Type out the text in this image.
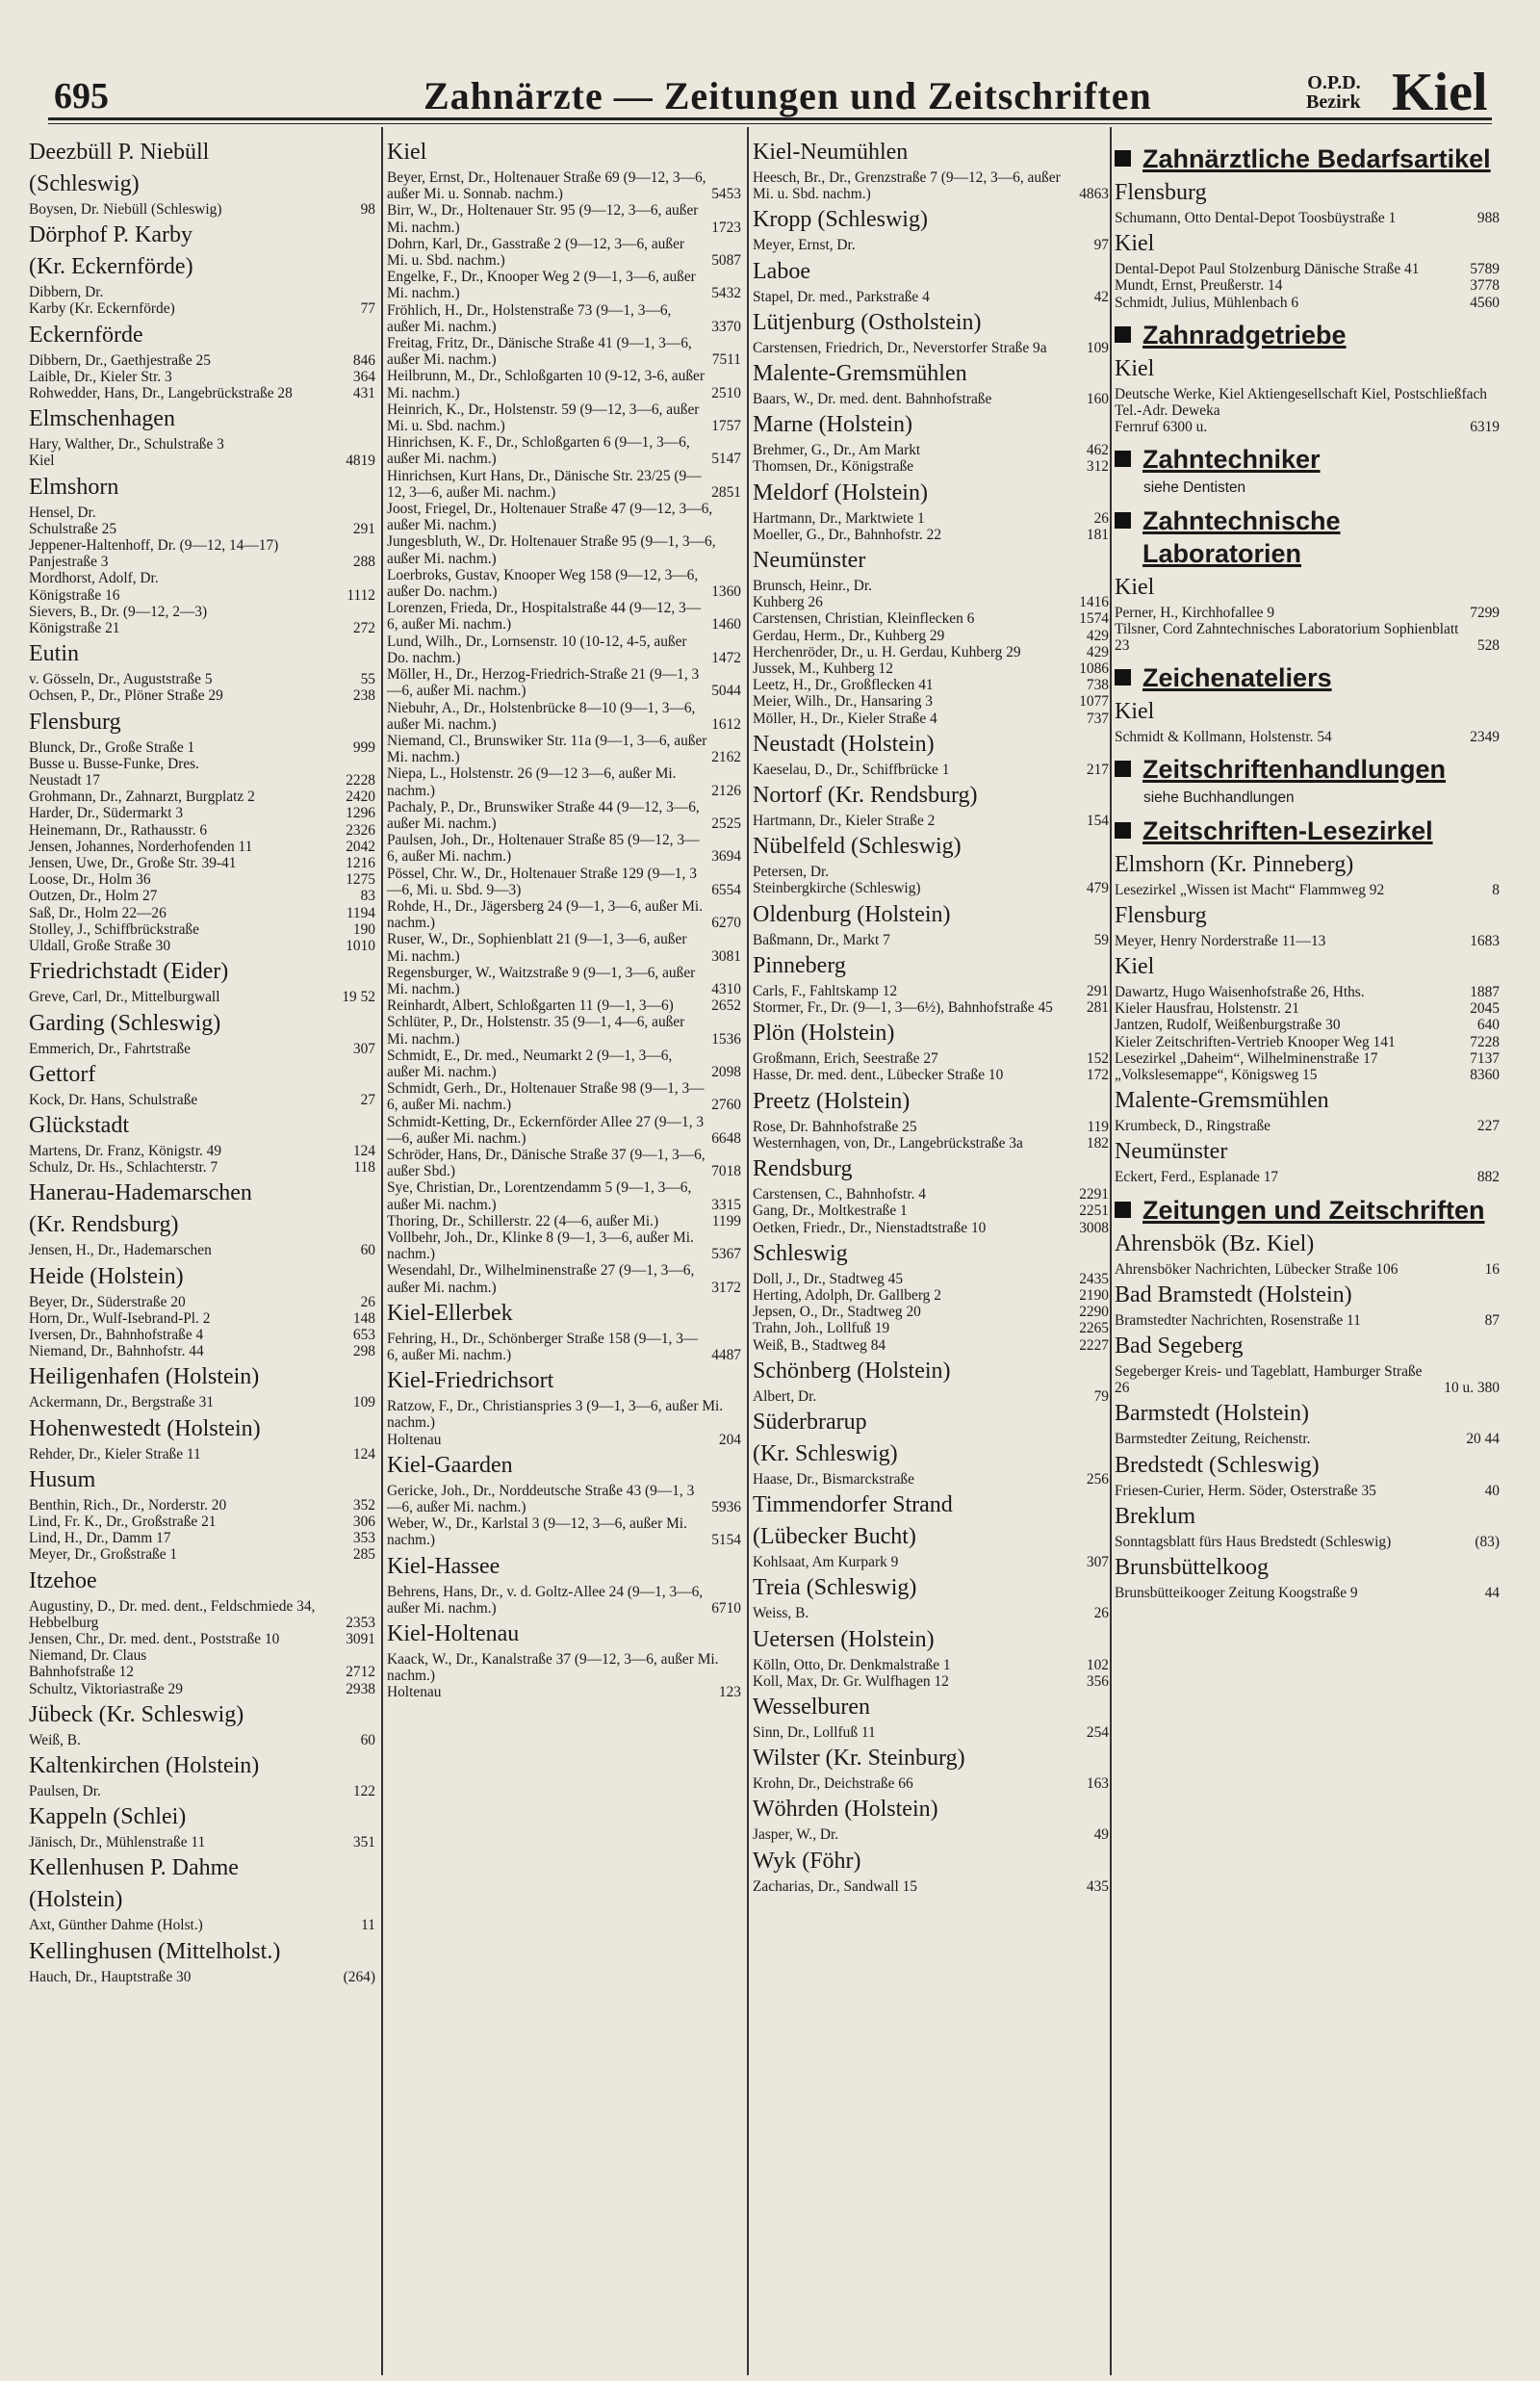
695	Zahnärzte — Zeitungen und Zeitschriften	O.P.D.
Bezirk Kiel
Deezbüll P. Niebüll
(Schleswig)
Boysen, Dr. Niebüll (Schleswig)	98
Dörphof P. Karby
(Kr. Eckernförde)
Dibbern, Dr.
Karby (Kr. Eckernförde)	77
Eckernförde
Dibbern, Dr., Gaethjestraße 25	846
Laible, Dr., Kieler Str. 3	364
Rohwedder, Hans, Dr., Langebrückstraße 28	431
Elmschenhagen
Hary, Walther, Dr., Schulstraße 3
Kiel	4819
Elmshorn
Hensel, Dr.
Schulstraße 25	291
Jeppener-Haltenhoff, Dr. (9—12, 14—17)
Panjestraße 3	288
Mordhorst, Adolf, Dr.
Königstraße 16	1112
Sievers, B., Dr. (9—12, 2—3)
Königstraße 21	272
Eutin
v. Gösseln, Dr., Auguststraße 5	55
Ochsen, P., Dr., Plöner Straße 29	238
Flensburg
Blunck, Dr., Große Straße 1	999
Busse u. Busse-Funke, Dres.
Neustadt 17	2228
Grohmann, Dr., Zahnarzt, Burgplatz 2	2420
Harder, Dr., Südermarkt 3	1296
Heinemann, Dr., Rathausstr. 6	2326
Jensen, Johannes, Norderhofenden 11	2042
Jensen, Uwe, Dr., Große Str. 39-41	1216
Loose, Dr., Holm 36	1275
Outzen, Dr., Holm 27	83
Saß, Dr., Holm 22—26	1194
Stolley, J., Schiffbrückstraße	190
Uldall, Große Straße 30	1010
Friedrichstadt (Eider)
Greve, Carl, Dr., Mittelburgwall	19 52
Garding (Schleswig)
Emmerich, Dr., Fahrtstraße	307
Gettorf
Kock, Dr. Hans, Schulstraße	27
Glückstadt
Martens, Dr. Franz, Königstr. 49	124
Schulz, Dr. Hs., Schlachterstr. 7	118
Hanerau-Hademarschen
(Kr. Rendsburg)
Jensen, H., Dr., Hademarschen	60
Heide (Holstein)
Beyer, Dr., Süderstraße 20	26
Horn, Dr., Wulf-Isebrand-Pl. 2	148
Iversen, Dr., Bahnhofstraße 4	653
Niemand, Dr., Bahnhofstr. 44	298
Heiligenhafen (Holstein)
Ackermann, Dr., Bergstraße 31	109
Hohenwestedt (Holstein)
Rehder, Dr., Kieler Straße 11	124
Husum
Benthin, Rich., Dr., Norderstr. 20	352
Lind, Fr. K., Dr., Großstraße 21	306
Lind, H., Dr., Damm 17	353
Meyer, Dr., Großstraße 1	285
Itzehoe
Augustiny, D., Dr. med. dent., Feldschmiede 34, Hebbelburg	2353
Jensen, Chr., Dr. med. dent., Poststraße 10	3091
Niemand, Dr. Claus
Bahnhofstraße 12	2712
Schultz, Viktoriastraße 29	2938
Jübeck (Kr. Schleswig)
Weiß, B.	60
Kaltenkirchen (Holstein)
Paulsen, Dr.	122
Kappeln (Schlei)
Jänisch, Dr., Mühlenstraße 11	351
Kellenhusen P. Dahme
(Holstein)
Axt, Günther Dahme (Holst.)	11
Kellinghusen (Mittelholst.)
Hauch, Dr., Hauptstraße 30	(264)
Kiel
Beyer, Ernst, Dr., Holtenauer Straße 69 (9—12, 3—6, außer Mi. u. Sonnab. nachm.)	5453
Birr, W., Dr., Holtenauer Str. 95 (9—12, 3—6, außer Mi. nachm.)	1723
Dohrn, Karl, Dr., Gasstraße 2 (9—12, 3—6, außer Mi. u. Sbd. nachm.)	5087
Engelke, F., Dr., Knooper Weg 2 (9—1, 3—6, außer Mi. nachm.)	5432
Fröhlich, H., Dr., Holstenstraße 73 (9—1, 3—6, außer Mi. nachm.)	3370
Freitag, Fritz, Dr., Dänische Straße 41 (9—1, 3—6, außer Mi. nachm.)	7511
Heilbrunn, M., Dr., Schloßgarten 10 (9-12, 3-6, außer Mi. nachm.)	2510
Heinrich, K., Dr., Holstenstr. 59 (9—12, 3—6, außer Mi. u. Sbd. nachm.)	1757
Hinrichsen, K. F., Dr., Schloßgarten 6 (9—1, 3—6, außer Mi. nachm.)	5147
Hinrichsen, Kurt Hans, Dr., Dänische Str. 23/25 (9—12, 3—6, außer Mi. nachm.)	2851
Joost, Friegel, Dr., Holtenauer Straße 47 (9—12, 3—6, außer Mi. nachm.)
Jungesbluth, W., Dr. Holtenauer Straße 95 (9—1, 3—6, außer Mi. nachm.)
Loerbroks, Gustav, Knooper Weg 158 (9—12, 3—6, außer Do. nachm.)	1360
Lorenzen, Frieda, Dr., Hospitalstraße 44 (9—12, 3—6, außer Mi. nachm.)	1460
Lund, Wilh., Dr., Lornsenstr. 10 (10-12, 4-5, außer Do. nachm.)	1472
Möller, H., Dr., Herzog-Friedrich-Straße 21 (9—1, 3—6, außer Mi. nachm.)	5044
Niebuhr, A., Dr., Holstenbrücke 8—10 (9—1, 3—6, außer Mi. nachm.)	1612
Niemand, Cl., Brunswiker Str. 11a (9—1, 3—6, außer Mi. nachm.)	2162
Niepa, L., Holstenstr. 26 (9—12 3—6, außer Mi. nachm.)	2126
Pachaly, P., Dr., Brunswiker Straße 44 (9—12, 3—6, außer Mi. nachm.)	2525
Paulsen, Joh., Dr., Holtenauer Straße 85 (9—12, 3—6, außer Mi. nachm.)	3694
Pössel, Chr. W., Dr., Holtenauer Straße 129 (9—1, 3—6, Mi. u. Sbd. 9—3)	6554
Rohde, H., Dr., Jägersberg 24 (9—1, 3—6, außer Mi. nachm.)	6270
Ruser, W., Dr., Sophienblatt 21 (9—1, 3—6, außer Mi. nachm.)	3081
Regensburger, W., Waitzstraße 9 (9—1, 3—6, außer Mi. nachm.)	4310
Reinhardt, Albert, Schloßgarten 11 (9—1, 3—6)	2652
Schlüter, P., Dr., Holstenstr. 35 (9—1, 4—6, außer Mi. nachm.)	1536
Schmidt, E., Dr. med., Neumarkt 2 (9—1, 3—6, außer Mi. nachm.)	2098
Schmidt, Gerh., Dr., Holtenauer Straße 98 (9—1, 3—6, außer Mi. nachm.)	2760
Schmidt-Ketting, Dr., Eckernförder Allee 27 (9—1, 3—6, außer Mi. nachm.)	6648
Schröder, Hans, Dr., Dänische Straße 37 (9—1, 3—6, außer Sbd.)	7018
Sye, Christian, Dr., Lorentzendamm 5 (9—1, 3—6, außer Mi. nachm.)	3315
Thoring, Dr., Schillerstr. 22 (4—6, außer Mi.)	1199
Vollbehr, Joh., Dr., Klinke 8 (9—1, 3—6, außer Mi. nachm.)	5367
Wesendahl, Dr., Wilhelminenstraße 27 (9—1, 3—6, außer Mi. nachm.)	3172
Kiel-Ellerbek
Fehring, H., Dr., Schönberger Straße 158 (9—1, 3—6, außer Mi. nachm.)	4487
Kiel-Friedrichsort
Ratzow, F., Dr., Christianspries 3 (9—1, 3—6, außer Mi. nachm.)
Holtenau	204
Kiel-Gaarden
Gericke, Joh., Dr., Norddeutsche Straße 43 (9—1, 3—6, außer Mi. nachm.)	5936
Weber, W., Dr., Karlstal 3 (9—12, 3—6, außer Mi. nachm.)	5154
Kiel-Hassee
Behrens, Hans, Dr., v. d. Goltz-Allee 24 (9—1, 3—6, außer Mi. nachm.)	6710
Kiel-Holtenau
Kaack, W., Dr., Kanalstraße 37 (9—12, 3—6, außer Mi. nachm.)
Holtenau	123
Kiel-Neumühlen
Heesch, Br., Dr., Grenzstraße 7 (9—12, 3—6, außer Mi. u. Sbd. nachm.)	4863
Kropp (Schleswig)
Meyer, Ernst, Dr.	97
Laboe
Stapel, Dr. med., Parkstraße 4	42
Lütjenburg (Ostholstein)
Carstensen, Friedrich, Dr., Neverstorfer Straße 9a	109
Malente-Gremsmühlen
Baars, W., Dr. med. dent. Bahnhofstraße	160
Marne (Holstein)
Brehmer, G., Dr., Am Markt	462
Thomsen, Dr., Königstraße	312
Meldorf (Holstein)
Hartmann, Dr., Marktwiete 1	26
Moeller, G., Dr., Bahnhofstr. 22	181
Neumünster
Brunsch, Heinr., Dr.
Kuhberg 26	1416
Carstensen, Christian, Kleinflecken 6	1574
Gerdau, Herm., Dr., Kuhberg 29	429
Herchenröder, Dr., u. H. Gerdau, Kuhberg 29	429
Jussek, M., Kuhberg 12	1086
Leetz, H., Dr., Großflecken 41	738
Meier, Wilh., Dr., Hansaring 3	1077
Möller, H., Dr., Kieler Straße 4	737
Neustadt (Holstein)
Kaeselau, D., Dr., Schiffbrücke 1	217
Nortorf (Kr. Rendsburg)
Hartmann, Dr., Kieler Straße 2	154
Nübelfeld (Schleswig)
Petersen, Dr.
Steinbergkirche (Schleswig)	479
Oldenburg (Holstein)
Baßmann, Dr., Markt 7	59
Pinneberg
Carls, F., Fahltskamp 12	291
Stormer, Fr., Dr. (9—1, 3—6½), Bahnhofstraße 45	281
Plön (Holstein)
Großmann, Erich, Seestraße 27	152
Hasse, Dr. med. dent., Lübecker Straße 10	172
Preetz (Holstein)
Rose, Dr. Bahnhofstraße 25	119
Westernhagen, von, Dr., Langebrückstraße 3a	182
Rendsburg
Carstensen, C., Bahnhofstr. 4	2291
Gang, Dr., Moltkestraße 1	2251
Oetken, Friedr., Dr., Nienstadtstraße 10	3008
Schleswig
Doll, J., Dr., Stadtweg 45	2435
Herting, Adolph, Dr. Gallberg 2	2190
Jepsen, O., Dr., Stadtweg 20	2290
Trahn, Joh., Lollfuß 19	2265
Weiß, B., Stadtweg 84	2227
Schönberg (Holstein)
Albert, Dr.	79
Süderbrarup
(Kr. Schleswig)
Haase, Dr., Bismarckstraße	256
Timmendorfer Strand
(Lübecker Bucht)
Kohlsaat, Am Kurpark 9	307
Treia (Schleswig)
Weiss, B.	26
Uetersen (Holstein)
Kölln, Otto, Dr. Denkmalstraße 1	102
Koll, Max, Dr. Gr. Wulfhagen 12	356
Wesselburen
Sinn, Dr., Lollfuß 11	254
Wilster (Kr. Steinburg)
Krohn, Dr., Deichstraße 66	163
Wöhrden (Holstein)
Jasper, W., Dr.	49
Wyk (Föhr)
Zacharias, Dr., Sandwall 15	435
Zahnärztliche Bedarfsartikel
Flensburg
Schumann, Otto Dental-Depot Toosbüystraße 1	988
Kiel
Dental-Depot Paul Stolzenburg Dänische Straße 41	5789
Mundt, Ernst, Preußerstr. 14	3778
Schmidt, Julius, Mühlenbach 6	4560
Zahnradgetriebe
Kiel
Deutsche Werke, Kiel Aktiengesellschaft Kiel, Postschließfach Tel.-Adr. Deweka
Fernruf 6300 u.	6319
Zahntechniker
siehe Dentisten
Zahntechnische Laboratorien
Kiel
Perner, H., Kirchhofallee 9	7299
Tilsner, Cord Zahntechnisches Laboratorium Sophienblatt 23	528
Zeichenateliers
Kiel
Schmidt & Kollmann, Holstenstr. 54	2349
Zeitschriftenhandlungen
siehe Buchhandlungen
Zeitschriften-Lesezirkel
Elmshorn (Kr. Pinneberg)
Lesezirkel „Wissen ist Macht“ Flammweg 92	8
Flensburg
Meyer, Henry Norderstraße 11—13	1683
Kiel
Dawartz, Hugo Waisenhofstraße 26, Hths.	1887
Kieler Hausfrau, Holstenstr. 21	2045
Jantzen, Rudolf, Weißenburgstraße 30	640
Kieler Zeitschriften-Vertrieb Knooper Weg 141	7228
Lesezirkel „Daheim“, Wilhelminenstraße 17	7137
„Volkslesemappe“, Königsweg 15	8360
Malente-Gremsmühlen
Krumbeck, D., Ringstraße	227
Neumünster
Eckert, Ferd., Esplanade 17	882
Zeitungen und Zeitschriften
Ahrensbök (Bz. Kiel)
Ahrensböker Nachrichten, Lübecker Straße 106	16
Bad Bramstedt (Holstein)
Bramstedter Nachrichten, Rosenstraße 11	87
Bad Segeberg
Segeberger Kreis- und Tageblatt, Hamburger Straße 26	10 u. 380
Barmstedt (Holstein)
Barmstedter Zeitung, Reichenstr.	20 44
Bredstedt (Schleswig)
Friesen-Curier, Herm. Söder, Osterstraße 35	40
Breklum
Sonntagsblatt fürs Haus Bredstedt (Schleswig)	(83)
Brunsbüttelkoog
Brunsbütteikooger Zeitung Koogstraße 9	44
